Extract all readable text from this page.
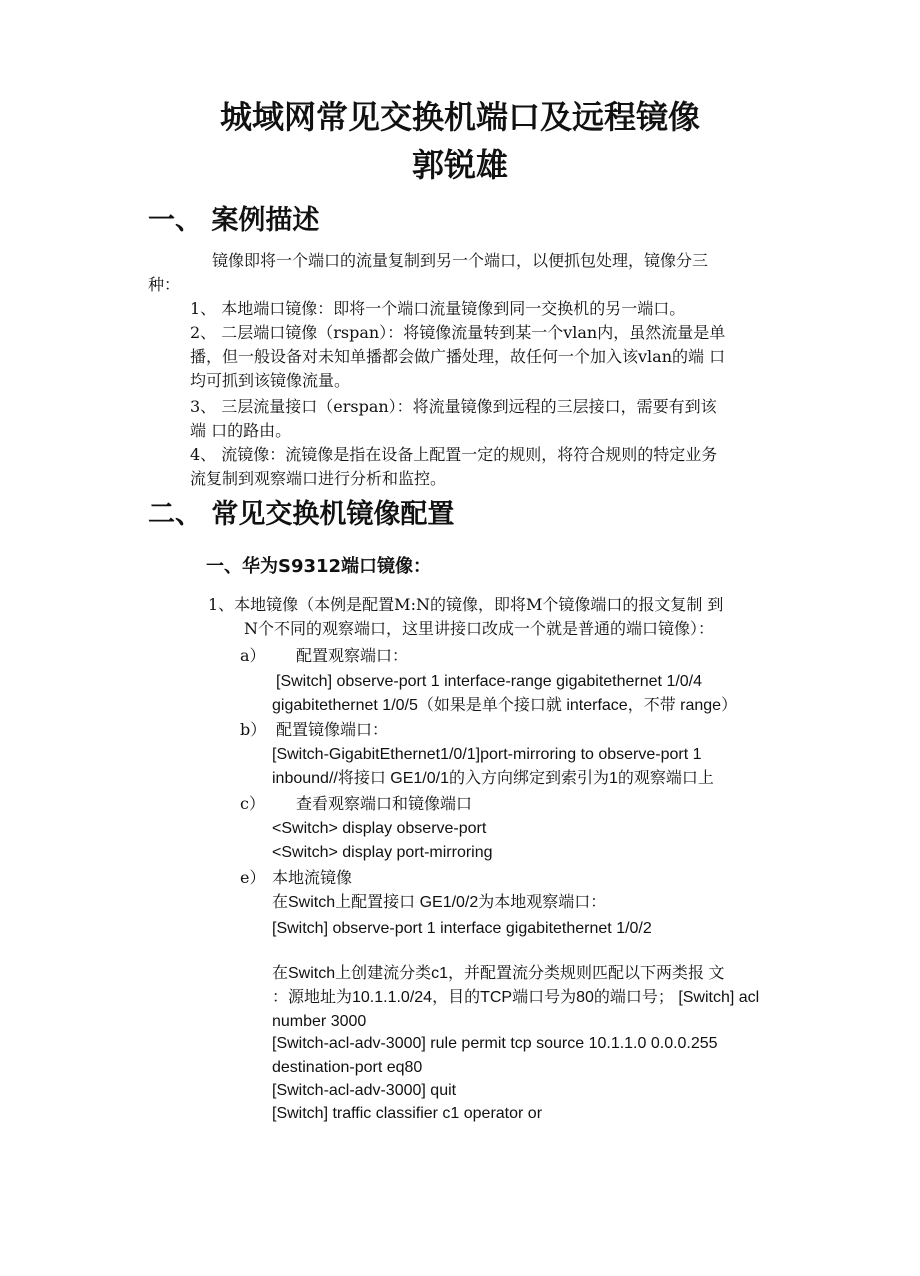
城域网常见交换机端口及远程镜像
郭锐雄
一、 案例描述
镜像即将一个端口的流量复制到另一个端口，以便抓包处理，镜像分三
种：
1、 本地端口镜像：即将一个端口流量镜像到同一交换机的另一端口。
2、 二层端口镜像（rspan）：将镜像流量转到某一个vlan内，虽然流量是单
播，但一般设备对未知单播都会做广播处理，故任何一个加入该vlan的端 口
均可抓到该镜像流量。
3、 三层流量接口（erspan）：将流量镜像到远程的三层接口，需要有到该
端 口的路由。
4、 流镜像：流镜像是指在设备上配置一定的规则，将符合规则的特定业务
流复制到观察端口进行分析和监控。
二、 常见交换机镜像配置
一、华为S9312端口镜像：
1、本地镜像（本例是配置M:N的镜像，即将M个镜像端口的报文复制 到
N个不同的观察端口，这里讲接口改成一个就是普通的端口镜像）：
a） 配置观察端口：
[Switch] observe-port 1 interface-range gigabitethernet 1/0/4
gigabitethernet 1/0/5（如果是单个接口就 interface，不带 range）
b） 配置镜像端口：
[Switch-GigabitEthernet1/0/1]port-mirroring to observe-port 1
inbound//将接口 GE1/0/1的入方向绑定到索引为1的观察端口上
c） 查看观察端口和镜像端口
<Switch> display observe-port
<Switch> display port-mirroring
e） 本地流镜像
在Switch上配置接口 GE1/0/2为本地观察端口：
[Switch] observe-port 1 interface gigabitethernet 1/0/2
在Switch上创建流分类c1，并配置流分类规则匹配以下两类报 文
：源地址为10.1.1.0/24，目的TCP端口号为80的端口号； [Switch] acl
number 3000
[Switch-acl-adv-3000] rule permit tcp source 10.1.1.0 0.0.0.255
destination-port eq80
[Switch-acl-adv-3000] quit
[Switch] traffic classifier c1 operator or
